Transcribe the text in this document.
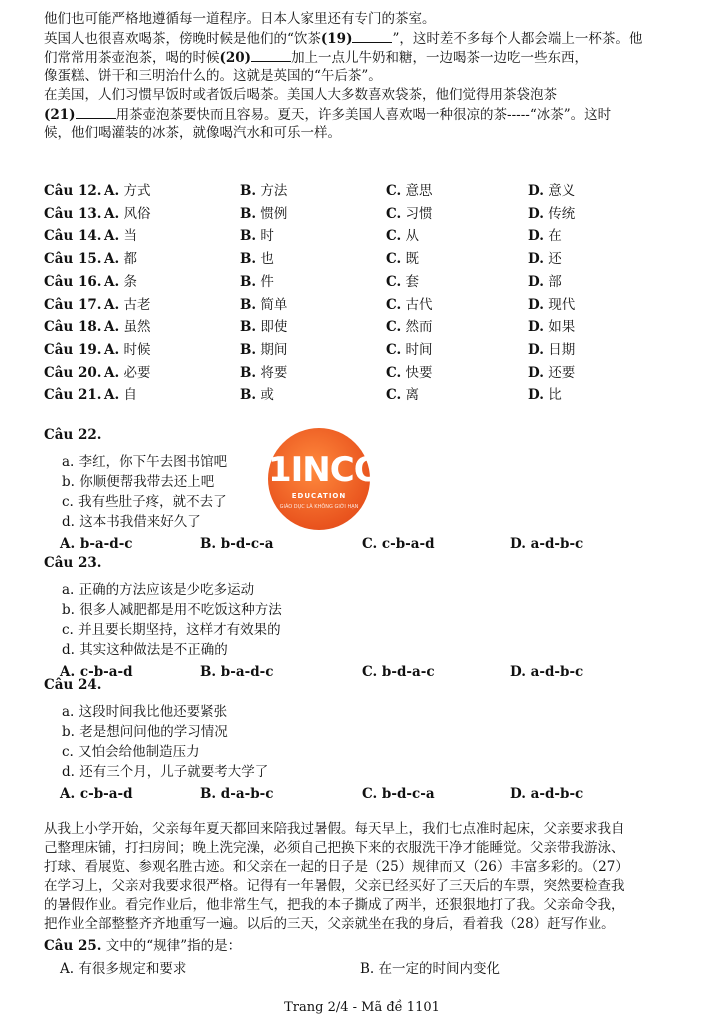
他们也可能严格地遵循每一道程序。日本人家里还有专门的茶室。
英国人也很喜欢喝茶，傍晚时候是他们的“饮茶(19)	”，这时差不多每个人都会端上一杯茶。他
们常常用茶壶泡茶，喝的时候(20)	加上一点儿牛奶和糖，一边喝茶一边吃一些东西，
像蛋糕、饼干和三明治什么的。这就是英国的“午后茶”。
在美国，人们习惯早饭时或者饭后喝茶。美国人大多数喜欢袋茶，他们觉得用茶袋泡茶
(21)	用茶壶泡茶要快而且容易。夏天，许多美国人喜欢喝一种很凉的茶-----“冰茶”。这时
候，他们喝灌装的冰茶，就像喝汽水和可乐一样。
Câu 12. A. 方式	B. 方法	C. 意思	D. 意义
Câu 13. A. 风俗	B. 惯例	C. 习惯	D. 传统
Câu 14. A. 当	B. 时	C. 从	D. 在
Câu 15. A. 都	B. 也	C. 既	D. 还
Câu 16. A. 条	B. 件	C. 套	D. 部
Câu 17. A. 古老	B. 简单	C. 古代	D. 现代
Câu 18. A. 虽然	B. 即使	C. 然而	D. 如果
Câu 19. A. 时候	B. 期间	C. 时间	D. 日期
Câu 20. A. 必要	B. 将要	C. 快要	D. 还要
Câu 21. A. 自	B. 或	C. 离	D. 比
1INCO
EDUCATION
GIÁO DỤC LÀ KHÔNG GIỚI HẠN
Câu 22.
a. 李红，你下午去图书馆吧
b. 你顺便帮我带去还上吧
c. 我有些肚子疼，就不去了
d. 这本书我借来好久了
A. b-a-d-c	B. b-d-c-a	C. c-b-a-d	D. a-d-b-c
Câu 23.
a. 正确的方法应该是少吃多运动
b. 很多人减肥都是用不吃饭这种方法
c. 并且要长期坚持，这样才有效果的
d. 其实这种做法是不正确的
A. c-b-a-d	B. b-a-d-c	C. b-d-a-c	D. a-d-b-c
Câu 24.
a. 这段时间我比他还要紧张
b. 老是想问问他的学习情况
c. 又怕会给他制造压力
d. 还有三个月，儿子就要考大学了
A. c-b-a-d	B. d-a-b-c	C. b-d-c-a	D. a-d-b-c
从我上小学开始，父亲每年夏天都回来陪我过暑假。每天早上，我们七点准时起床，父亲要求我自
己整理床铺，打扫房间；晚上洗完澡，必须自己把换下来的衣服洗干净才能睡觉。父亲带我游泳、
打球、看展览、参观名胜古迹。和父亲在一起的日子是（25）规律而又（26）丰富多彩的。（27）
在学习上，父亲对我要求很严格。记得有一年暑假，父亲已经买好了三天后的车票，突然要检查我
的暑假作业。看完作业后，他非常生气，把我的本子撕成了两半，还狠狠地打了我。父亲命令我，
把作业全部整整齐齐地重写一遍。以后的三天，父亲就坐在我的身后，看着我（28）赶写作业。
Câu 25. 文中的“规律”指的是：
A. 有很多规定和要求	B. 在一定的时间内变化
Trang 2/4 - Mã đề 1101
